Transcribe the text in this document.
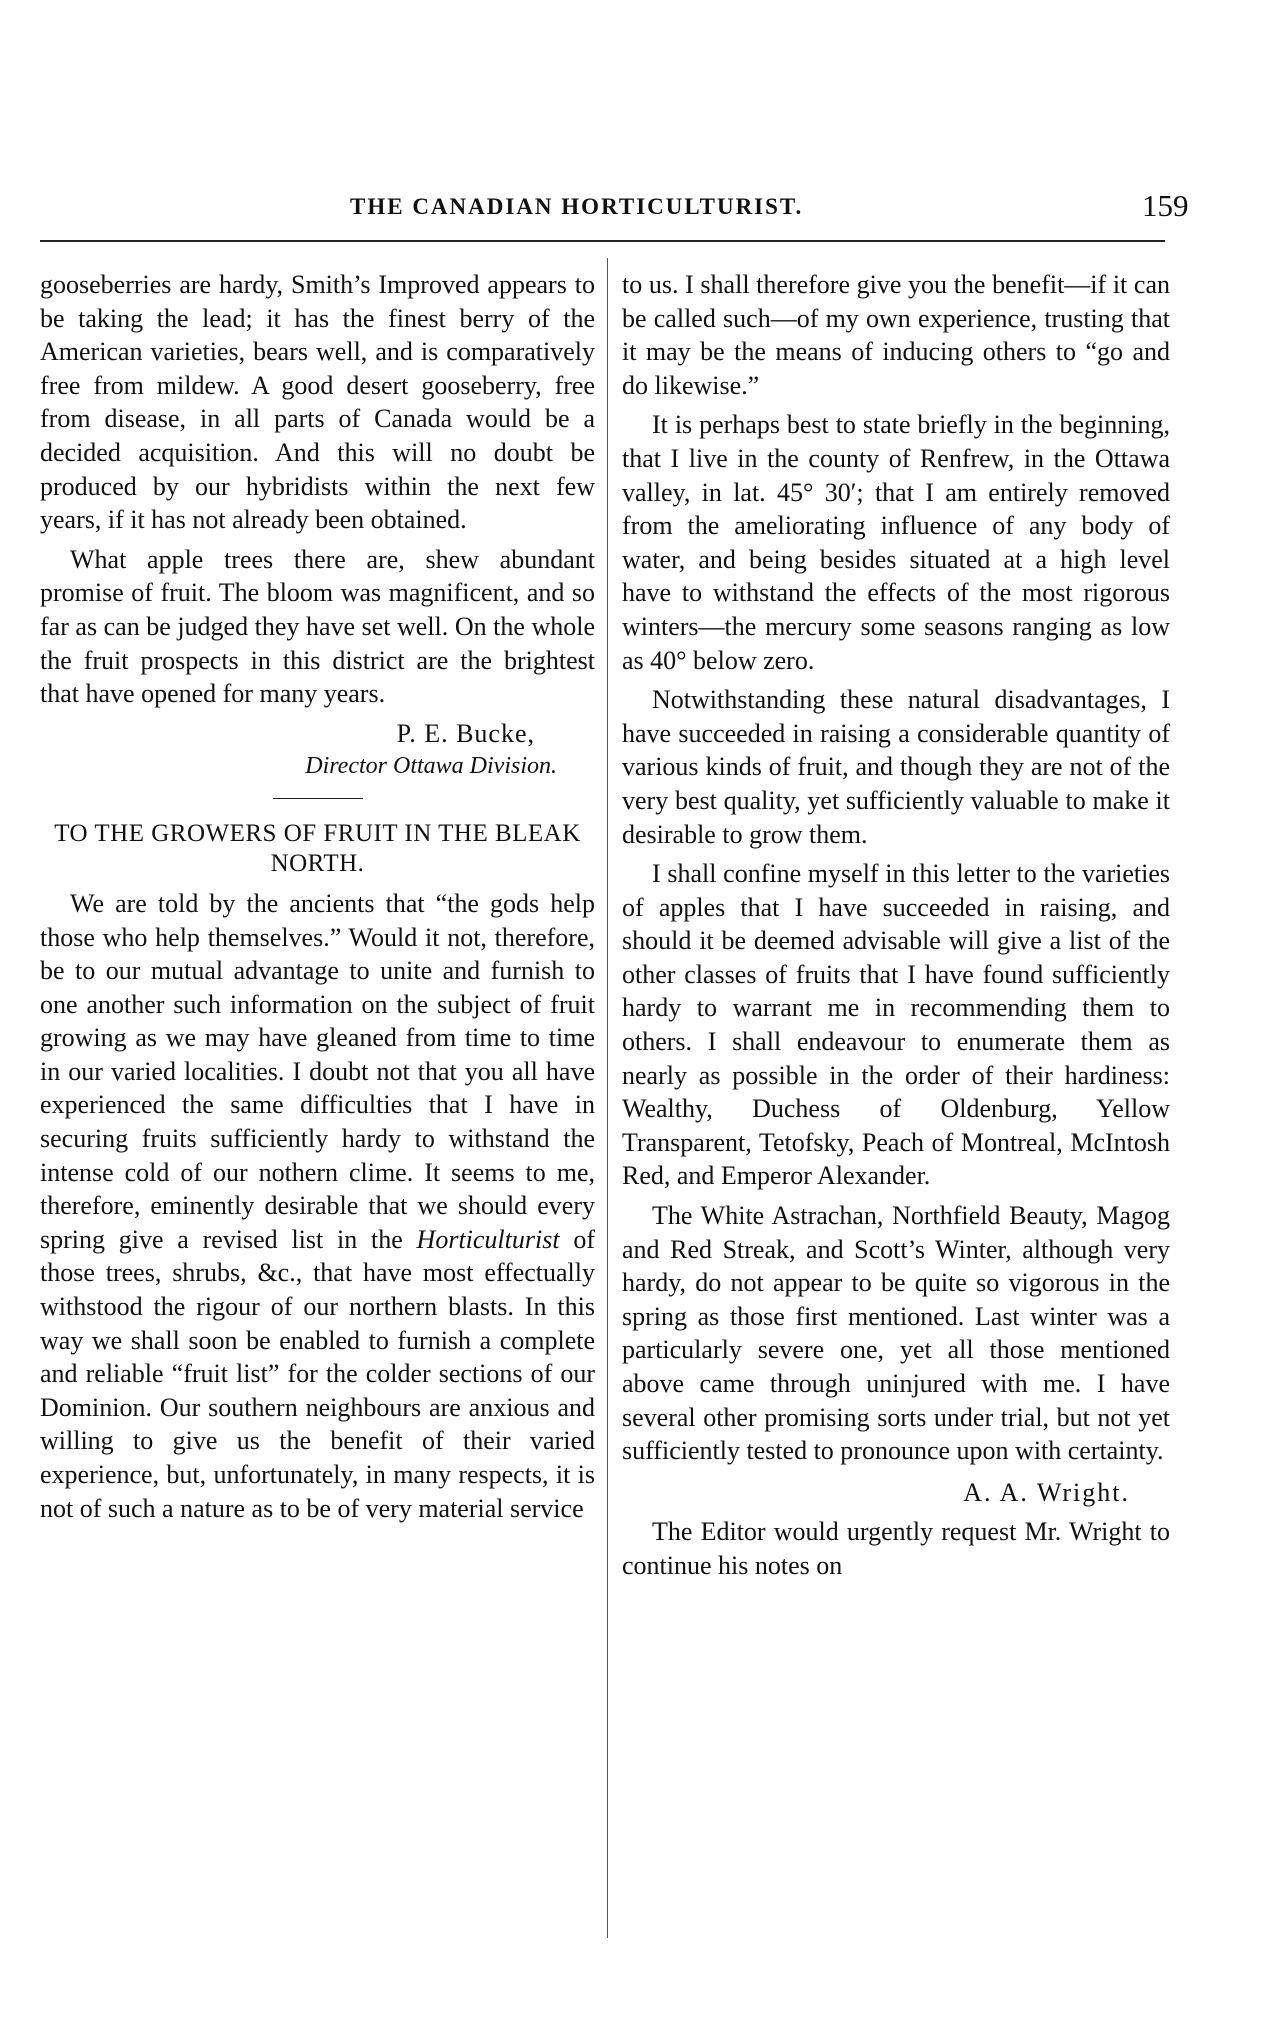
THE CANADIAN HORTICULTURIST.	159

gooseberries are hardy, Smith’s Improved appears to be taking the lead; it has the finest berry of the American varieties, bears well, and is comparatively free from mildew. A good desert gooseberry, free from disease, in all parts of Canada would be a decided acquisition. And this will no doubt be produced by our hybridists within the next few years, if it has not already been obtained.

What apple trees there are, shew abundant promise of fruit. The bloom was magnificent, and so far as can be judged they have set well. On the whole the fruit prospects in this district are the brightest that have opened for many years.

P. E. Bucke,
Director Ottawa Division.
TO THE GROWERS OF FRUIT IN THE BLEAK NORTH.

We are told by the ancients that “the gods help those who help themselves.” Would it not, therefore, be to our mutual advantage to unite and furnish to one another such information on the subject of fruit growing as we may have gleaned from time to time in our varied localities. I doubt not that you all have experienced the same difficulties that I have in securing fruits sufficiently hardy to withstand the intense cold of our nothern clime. It seems to me, therefore, eminently desirable that we should every spring give a revised list in the Horticulturist of those trees, shrubs, &c., that have most effectually withstood the rigour of our northern blasts. In this way we shall soon be enabled to furnish a complete and reliable “fruit list” for the colder sections of our Dominion. Our southern neighbours are anxious and willing to give us the benefit of their varied experience, but, unfortunately, in many respects, it is not of such a nature as to be of very material service

to us. I shall therefore give you the benefit—if it can be called such—of my own experience, trusting that it may be the means of inducing others to “go and do likewise.”

It is perhaps best to state briefly in the beginning, that I live in the county of Renfrew, in the Ottawa valley, in lat. 45° 30′; that I am entirely removed from the ameliorating influence of any body of water, and being besides situated at a high level have to withstand the effects of the most rigorous winters—the mercury some seasons ranging as low as 40° below zero.

Notwithstanding these natural disadvantages, I have succeeded in raising a considerable quantity of various kinds of fruit, and though they are not of the very best quality, yet sufficiently valuable to make it desirable to grow them.

I shall confine myself in this letter to the varieties of apples that I have succeeded in raising, and should it be deemed advisable will give a list of the other classes of fruits that I have found sufficiently hardy to warrant me in recommending them to others. I shall endeavour to enumerate them as nearly as possible in the order of their hardiness: Wealthy, Duchess of Oldenburg, Yellow Transparent, Tetofsky, Peach of Montreal, McIntosh Red, and Emperor Alexander.

The White Astrachan, Northfield Beauty, Magog and Red Streak, and Scott’s Winter, although very hardy, do not appear to be quite so vigorous in the spring as those first mentioned. Last winter was a particularly severe one, yet all those mentioned above came through uninjured with me. I have several other promising sorts under trial, but not yet sufficiently tested to pronounce upon with certainty.

A. A. Wright.

The Editor would urgently request Mr. Wright to continue his notes on
